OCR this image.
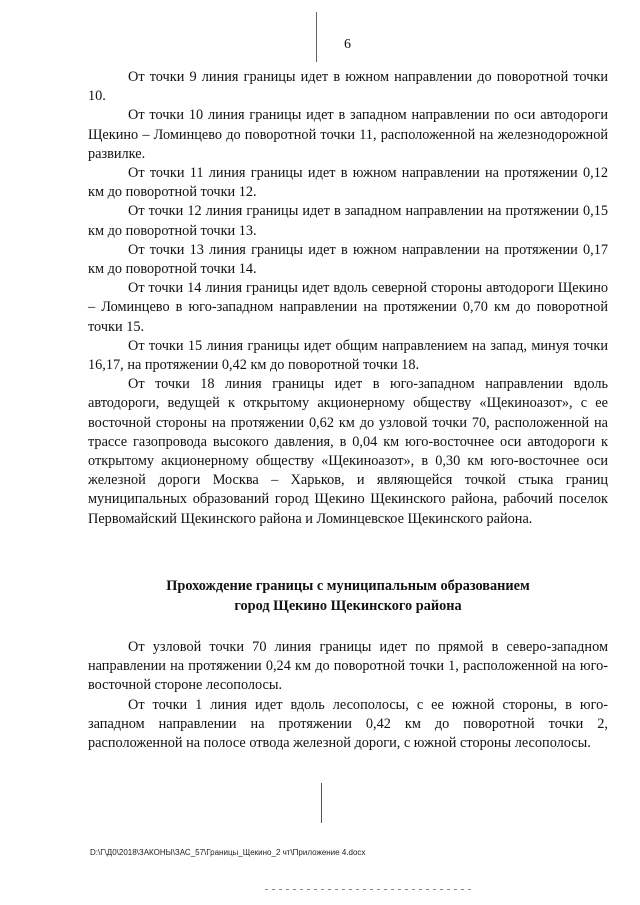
6

От точки 9 линия границы идет в южном направлении до поворотной точки 10.

От точки 10 линия границы идет в западном направлении по оси автодороги Щекино – Ломинцево до поворотной точки 11, расположенной на железнодорожной развилке.

От точки 11 линия границы идет в южном направлении на протяжении 0,12 км до поворотной точки 12.

От точки 12 линия границы идет в западном направлении на протяжении 0,15 км до поворотной точки 13.

От точки 13 линия границы идет в южном направлении на протяжении 0,17 км до поворотной точки 14.

От точки 14 линия границы идет вдоль северной стороны автодороги Щекино – Ломинцево в юго-западном направлении на протяжении 0,70 км до поворотной точки 15.

От точки 15 линия границы идет общим направлением на запад, минуя точки 16,17, на протяжении 0,42 км до поворотной точки 18.

От точки 18 линия границы идет в юго-западном направлении вдоль автодороги, ведущей к открытому акционерному обществу «Щекиноазот», с ее восточной стороны на протяжении 0,62 км до узловой точки 70, расположенной на трассе газопровода высокого давления, в 0,04 км юго-восточнее оси автодороги к открытому акционерному обществу «Щекиноазот», в 0,30 км юго-восточнее оси железной дороги Москва – Харьков, и являющейся точкой стыка границ муниципальных образований город Щекино Щекинского района, рабочий поселок Первомайский Щекинского района и Ломинцевское Щекинского района.

Прохождение границы с муниципальным образованием
город Щекино Щекинского района

От узловой точки 70 линия границы идет по прямой в северо-западном направлении на протяжении 0,24 км до поворотной точки 1, расположенной на юго-восточной стороне лесополосы.

От точки 1 линия идет вдоль лесополосы, с ее южной стороны, в юго-западном направлении на протяжении 0,42 км до поворотной точки 2, расположенной на полосе отвода железной дороги, с южной стороны лесополосы.

D:\Г\Д0\2018\ЗАКОНЫ\ЗАС_57\Границы_Щекино_2 чт\Приложение 4.docx
